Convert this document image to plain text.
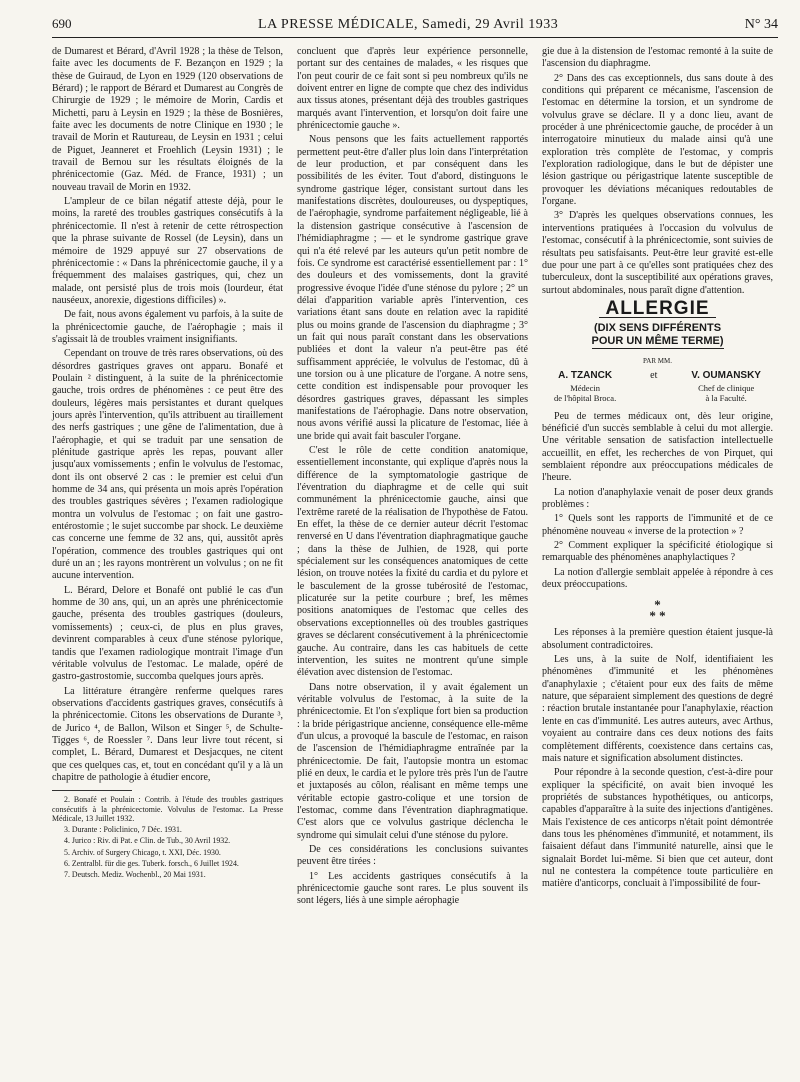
690	LA PRESSE MÉDICALE, Samedi, 29 Avril 1933	N° 34

de Dumarest et Bérard, d'Avril 1928 ; la thèse de Telson, faite avec les documents de F. Bezançon en 1929 ; la thèse de Guiraud, de Lyon en 1929 (120 observations de Bérard) ; le rapport de Bérard et Dumarest au Congrès de Chirurgie de 1929 ; le mémoire de Morin, Cardis et Michetti, paru à Leysin en 1929 ; la thèse de Bosnières, faite avec les documents de notre Clinique en 1930 ; le travail de Morin et Rautureau, de Leysin en 1931 ; celui de Piguet, Jeanneret et Froehlich (Leysin 1931) ; le travail de Bernou sur les résultats éloignés de la phrénicectomie (Gaz. Méd. de France, 1931) ; un nouveau travail de Morin en 1932.

L'ampleur de ce bilan négatif atteste déjà, pour le moins, la rareté des troubles gastriques consécutifs à la phrénicectomie. Il n'est à retenir de cette rétrospection que la phrase suivante de Rossel (de Leysin), dans un mémoire de 1929 appuyé sur 27 observations de phrénicectomie : « Dans la phrénicectomie gauche, il y a fréquemment des malaises gastriques, qui, chez un malade, ont persisté plus de trois mois (lourdeur, état nauséeux, anorexie, digestions difficiles) ».

De fait, nous avons également vu parfois, à la suite de la phrénicectomie gauche, de l'aérophagie ; mais il s'agissait là de troubles vraiment insignifiants.

Cependant on trouve de très rares observations, où des désordres gastriques graves ont apparu. Bonafé et Poulain ² distinguent, à la suite de la phrénicectomie gauche, trois ordres de phénomènes : ce peut être des douleurs, légères mais persistantes et durant quelques jours après l'intervention, qu'ils attribuent au tiraillement des nerfs gastriques ; une gêne de l'alimentation, due à l'aérophagie, et qui se traduit par une sensation de plénitude gastrique après les repas, pouvant aller jusqu'aux vomissements ; enfin le volvulus de l'estomac, dont ils ont observé 2 cas : le premier est celui d'un homme de 34 ans, qui présenta un mois après l'opération des troubles gastriques sévères ; l'examen radiologique montra un volvulus de l'estomac ; on fait une gastro-entérostomie ; le sujet succombe par shock. Le deuxième cas concerne une femme de 32 ans, qui, aussitôt après l'opération, commence des troubles gastriques qui ont duré un an ; les rayons montrèrent un volvulus ; on ne fit aucune intervention.

L. Bérard, Delore et Bonafé ont publié le cas d'un homme de 30 ans, qui, un an après une phrénicectomie gauche, présenta des troubles gastriques (douleurs, vomissements) ; ceux-ci, de plus en plus graves, devinrent comparables à ceux d'une sténose pylorique, tandis que l'examen radiologique montrait l'image d'un véritable volvulus de l'estomac. Le malade, opéré de gastro-gastrostomie, succomba quelques jours après.

La littérature étrangère renferme quelques rares observations d'accidents gastriques graves, consécutifs à la phrénicectomie. Citons les observations de Durante ³, de Jurico ⁴, de Ballon, Wilson et Singer ⁵, de Schulte-Tigges ⁶, de Roessler ⁷. Dans leur livre tout récent, si complet, L. Bérard, Dumarest et Desjacques, ne citent que ces quelques cas, et, tout en concédant qu'il y a là un chapitre de pathologie à étudier encore,

2. Bonafé et Poulain : Contrib. à l'étude des troubles gastriques consécutifs à la phrénicectomie. Volvulus de l'estomac. La Presse Médicale, 13 Juillet 1932.

3. Durante : Policlinico, 7 Déc. 1931.

4. Jurico : Riv. di Pat. e Clin. de Tub., 30 Avril 1932.

5. Archiv. of Surgery Chicago, t. XXI, Déc. 1930.

6. Zentralbl. für die ges. Tuberk. forsch., 6 Juillet 1924.

7. Deutsch. Mediz. Wochenbl., 20 Mai 1931.

concluent que d'après leur expérience personnelle, portant sur des centaines de malades, « les risques que l'on peut courir de ce fait sont si peu nombreux qu'ils ne doivent entrer en ligne de compte que chez des individus aux tissus atones, présentant déjà des troubles gastriques marqués avant l'intervention, et lorsqu'on doit faire une phrénicectomie gauche ».

Nous pensons que les faits actuellement rapportés permettent peut-être d'aller plus loin dans l'interprétation de leur production, et par conséquent dans les possibilités de les éviter. Tout d'abord, distinguons le syndrome gastrique léger, consistant surtout dans les manifestations discrètes, douloureuses, ou dyspeptiques, de l'aérophagie, syndrome parfaitement négligeable, lié à la distension gastrique consécutive à l'ascension de l'hémidiaphragme ; — et le syndrome gastrique grave qui n'a été relevé par les auteurs qu'un petit nombre de fois. Ce syndrome est caractérisé essentiellement par : 1° des douleurs et des vomissements, dont la gravité progressive évoque l'idée d'une sténose du pylore ; 2° un délai d'apparition variable après l'intervention, ces variations étant sans doute en relation avec la rapidité plus ou moins grande de l'ascension du diaphragme ; 3° un fait qui nous paraît constant dans les observations publiées et dont la valeur n'a peut-être pas été suffisamment appréciée, le volvulus de l'estomac, dû à une torsion ou à une plicature de l'organe. A notre sens, cette condition est indispensable pour provoquer les désordres gastriques graves, dépassant les simples manifestations de l'aérophagie. Dans notre observation, nous avons vérifié aussi la plicature de l'estomac, liée à une bride qui avait fait basculer l'organe.

C'est le rôle de cette condition anatomique, essentiellement inconstante, qui explique d'après nous la différence de la symptomatologie gastrique de l'éventration du diaphragme et de celle qui suit communément la phrénicectomie gauche, ainsi que l'extrême rareté de la réalisation de l'hypothèse de Fatou. En effet, la thèse de ce dernier auteur décrit l'estomac renversé en U dans l'éventration diaphragmatique gauche ; dans la thèse de Julhien, de 1928, qui porte spécialement sur les conséquences anatomiques de cette lésion, on trouve notées la fixité du cardia et du pylore et le basculement de la grosse tubérosité de l'estomac, plicaturée sur la petite courbure ; bref, les mêmes positions anatomiques de l'estomac que celles des observations exceptionnelles où des troubles gastriques graves se déclarent consécutivement à la phrénicectomie gauche. Au contraire, dans les cas habituels de cette intervention, les suites ne montrent qu'une simple élévation avec distension de l'estomac.

Dans notre observation, il y avait également un véritable volvulus de l'estomac, à la suite de la phrénicectomie. Et l'on s'explique fort bien sa production : la bride périgastrique ancienne, conséquence elle-même d'un ulcus, a provoqué la bascule de l'estomac, en raison de l'ascension de l'hémidiaphragme entraînée par la phrénicectomie. De fait, l'autopsie montra un estomac plié en deux, le cardia et le pylore très près l'un de l'autre et juxtaposés au côlon, réalisant en même temps une véritable ectopie gastro-colique et une torsion de l'estomac, comme dans l'éventration diaphragmatique. C'est alors que ce volvulus gastrique déclencha le syndrome qui simulait celui d'une sténose du pylore.

De ces considérations les conclusions suivantes peuvent être tirées :

1° Les accidents gastriques consécutifs à la phrénicectomie gauche sont rares. Le plus souvent ils sont légers, liés à une simple aérophagie

gie due à la distension de l'estomac remonté à la suite de l'ascension du diaphragme.

2° Dans des cas exceptionnels, dus sans doute à des conditions qui préparent ce mécanisme, l'ascension de l'estomac en détermine la torsion, et un syndrome de volvulus grave se déclare. Il y a donc lieu, avant de procéder à une phrénicectomie gauche, de procéder à un interrogatoire minutieux du malade ainsi qu'à une exploration très complète de l'estomac, y compris l'exploration radiologique, dans le but de dépister une lésion gastrique ou périgastrique latente susceptible de provoquer les déviations mécaniques redoutables de l'organe.

3° D'après les quelques observations connues, les interventions pratiquées à l'occasion du volvulus de l'estomac, consécutif à la phrénicectomie, sont suivies de résultats peu satisfaisants. Peut-être leur gravité est-elle due pour une part à ce qu'elles sont pratiquées chez des tuberculeux, dont la susceptibilité aux opérations graves, surtout abdominales, nous paraît digne d'attention.

ALLERGIE
(DIX SENS DIFFÉRENTS
POUR UN MÊME TERME)
PAR MM.
A. TZANCK
Médecin
de l'hôpital Broca.
et	V. OUMANSKY
Chef de clinique
à la Faculté.

Peu de termes médicaux ont, dès leur origine, bénéficié d'un succès semblable à celui du mot allergie. Une véritable sensation de satisfaction intellectuelle accueillit, en effet, les recherches de von Pirquet, qui semblaient répondre aux préoccupations médicales de l'heure.

La notion d'anaphylaxie venait de poser deux grands problèmes :

1° Quels sont les rapports de l'immunité et de ce phénomène nouveau « inverse de la protection » ?

2° Comment expliquer la spécificité étiologique si remarquable des phénomènes anaphylactiques ?

La notion d'allergie semblait appelée à répondre à ces deux préoccupations.

*
* *

Les réponses à la première question étaient jusque-là absolument contradictoires.

Les uns, à la suite de Nolf, identifiaient les phénomènes d'immunité et les phénomènes d'anaphylaxie ; c'étaient pour eux des faits de même nature, que séparaient simplement des questions de degré : réaction brutale instantanée pour l'anaphylaxie, réaction lente en cas d'immunité. Les autres auteurs, avec Arthus, voyaient au contraire dans ces deux notions des faits complètement différents, coexistence dans certains cas, mais nature et signification absolument distinctes.

Pour répondre à la seconde question, c'est-à-dire pour expliquer la spécificité, on avait bien invoqué les propriétés de substances hypothétiques, ou anticorps, capables d'apparaître à la suite des injections d'antigènes. Mais l'existence de ces anticorps n'était point démontrée dans tous les phénomènes d'immunité, et notamment, ils faisaient défaut dans l'immunité naturelle, ainsi que le signalait Bordet lui-même. Si bien que cet auteur, dont nul ne contestera la compétence toute particulière en matière d'anticorps, concluait à l'impossibilité de four-
